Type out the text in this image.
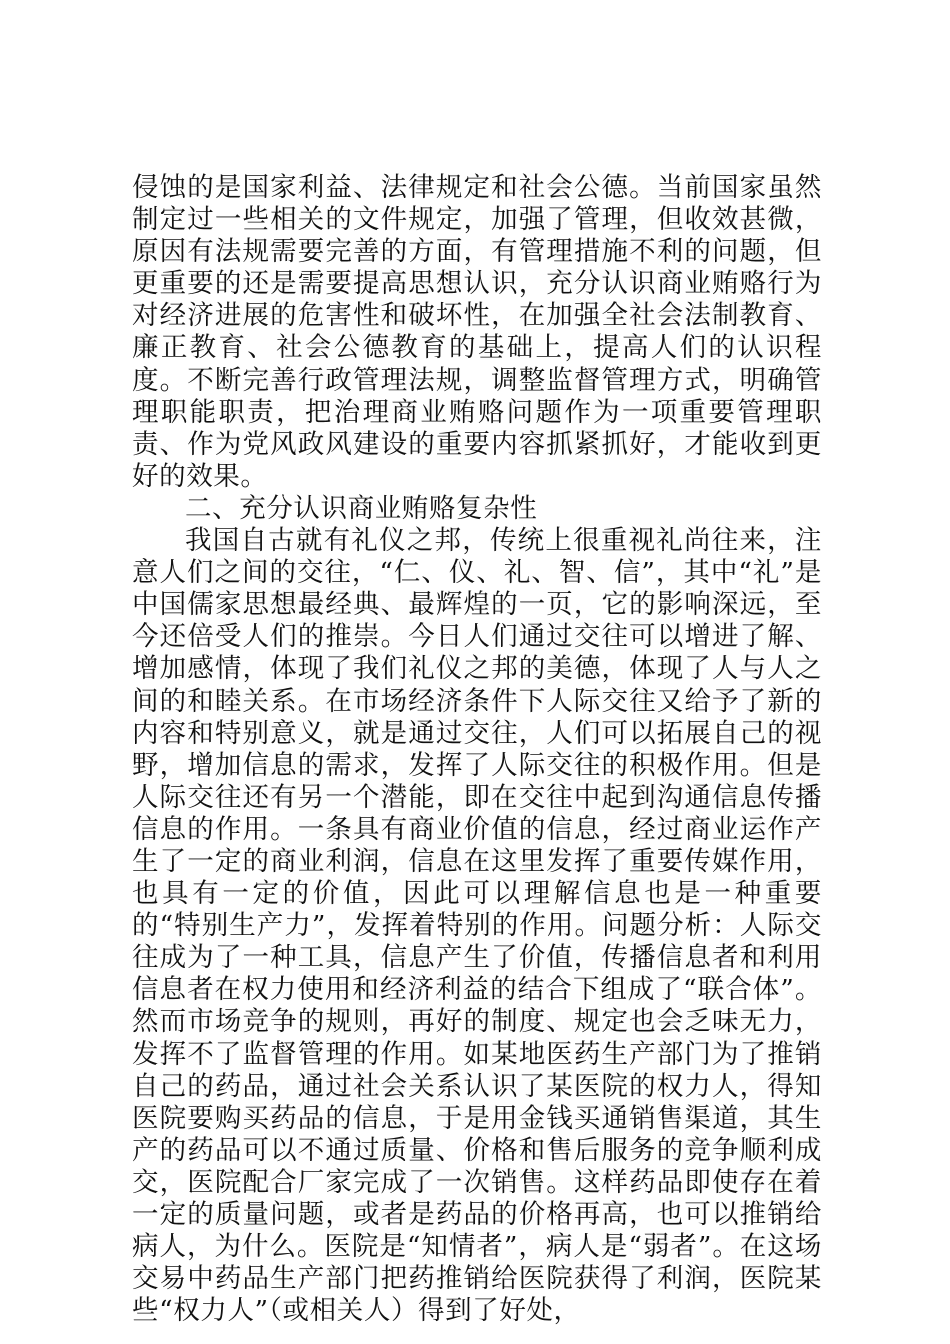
侵蚀的是国家利益、法律规定和社会公德。当前国家虽然制定过一些相关的文件规定，加强了管理，但收效甚微，原因有法规需要完善的方面，有管理措施不利的问题，但更重要的还是需要提高思想认识，充分认识商业贿赂行为对经济进展的危害性和破坏性，在加强全社会法制教育、廉正教育、社会公德教育的基础上，提高人们的认识程度。不断完善行政管理法规，调整监督管理方式，明确管理职能职责，把治理商业贿赂问题作为一项重要管理职责、作为党风政风建设的重要内容抓紧抓好，才能收到更好的效果。

二、充分认识商业贿赂复杂性

我国自古就有礼仪之邦，传统上很重视礼尚往来，注意人们之间的交往，“仁、仪、礼、智、信”，其中“礼”是中国儒家思想最经典、最辉煌的一页，它的影响深远，至今还倍受人们的推崇。今日人们通过交往可以增进了解、增加感情，体现了我们礼仪之邦的美德，体现了人与人之间的和睦关系。在市场经济条件下人际交往又给予了新的内容和特别意义，就是通过交往，人们可以拓展自己的视野，增加信息的需求，发挥了人际交往的积极作用。但是人际交往还有另一个潜能，即在交往中起到沟通信息传播信息的作用。一条具有商业价值的信息，经过商业运作产生了一定的商业利润，信息在这里发挥了重要传媒作用，也具有一定的价值，因此可以理解信息也是一种重要的“特别生产力”，发挥着特别的作用。问题分析：人际交往成为了一种工具，信息产生了价值，传播信息者和利用信息者在权力使用和经济利益的结合下组成了“联合体”。然而市场竞争的规则，再好的制度、规定也会乏味无力，发挥不了监督管理的作用。如某地医药生产部门为了推销自己的药品，通过社会关系认识了某医院的权力人，得知医院要购买药品的信息，于是用金钱买通销售渠道，其生产的药品可以不通过质量、价格和售后服务的竞争顺利成交，医院配合厂家完成了一次销售。这样药品即使存在着一定的质量问题，或者是药品的价格再高，也可以推销给病人，为什么。医院是“知情者”，病人是“弱者”。在这场交易中药品生产部门把药推销给医院获得了利润，医院某些“权力人”（或相关人）得到了好处，
